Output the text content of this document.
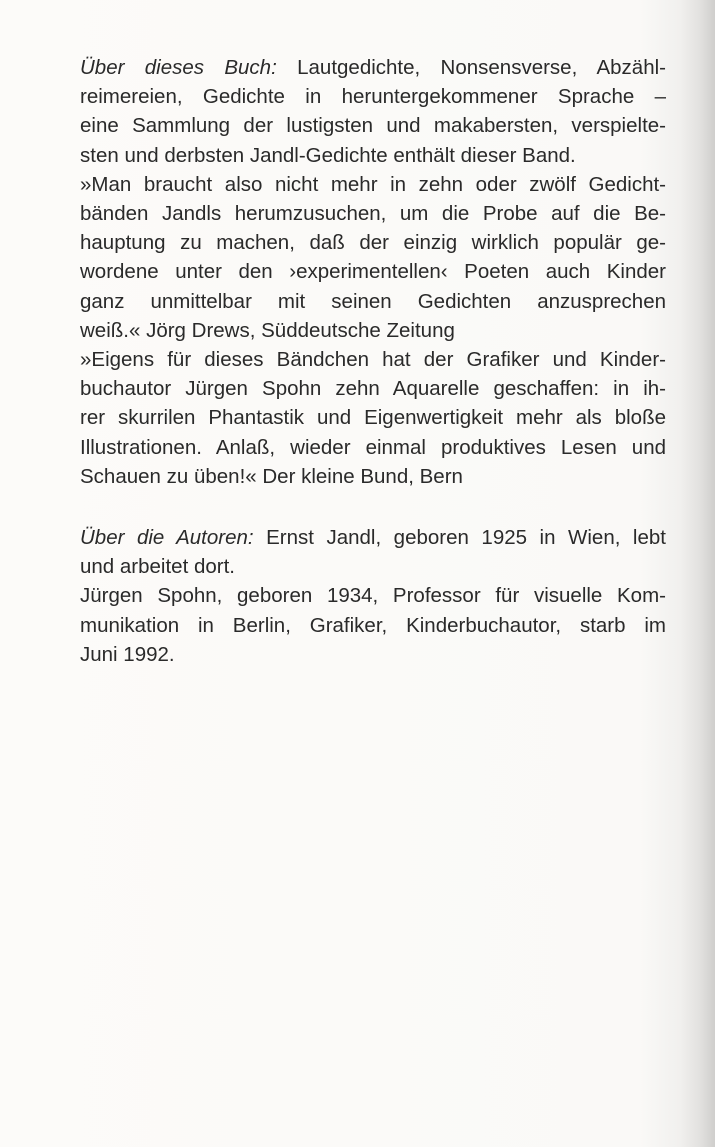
Über dieses Buch: Lautgedichte, Nonsensverse, Abzähl-
reimereien, Gedichte in heruntergekommener Sprache –
eine Sammlung der lustigsten und makabersten, verspielte-
sten und derbsten Jandl-Gedichte enthält dieser Band.
»Man braucht also nicht mehr in zehn oder zwölf Gedicht-
bänden Jandls herumzusuchen, um die Probe auf die Be-
hauptung zu machen, daß der einzig wirklich populär ge-
wordene unter den ›experimentellen‹ Poeten auch Kinder
ganz unmittelbar mit seinen Gedichten anzusprechen
weiß.« Jörg Drews, Süddeutsche Zeitung
»Eigens für dieses Bändchen hat der Grafiker und Kinder-
buchautor Jürgen Spohn zehn Aquarelle geschaffen: in ih-
rer skurrilen Phantastik und Eigenwertigkeit mehr als bloße
Illustrationen. Anlaß, wieder einmal produktives Lesen und
Schauen zu üben!« Der kleine Bund, Bern
Über die Autoren: Ernst Jandl, geboren 1925 in Wien, lebt
und arbeitet dort.
Jürgen Spohn, geboren 1934, Professor für visuelle Kom-
munikation in Berlin, Grafiker, Kinderbuchautor, starb im
Juni 1992.
